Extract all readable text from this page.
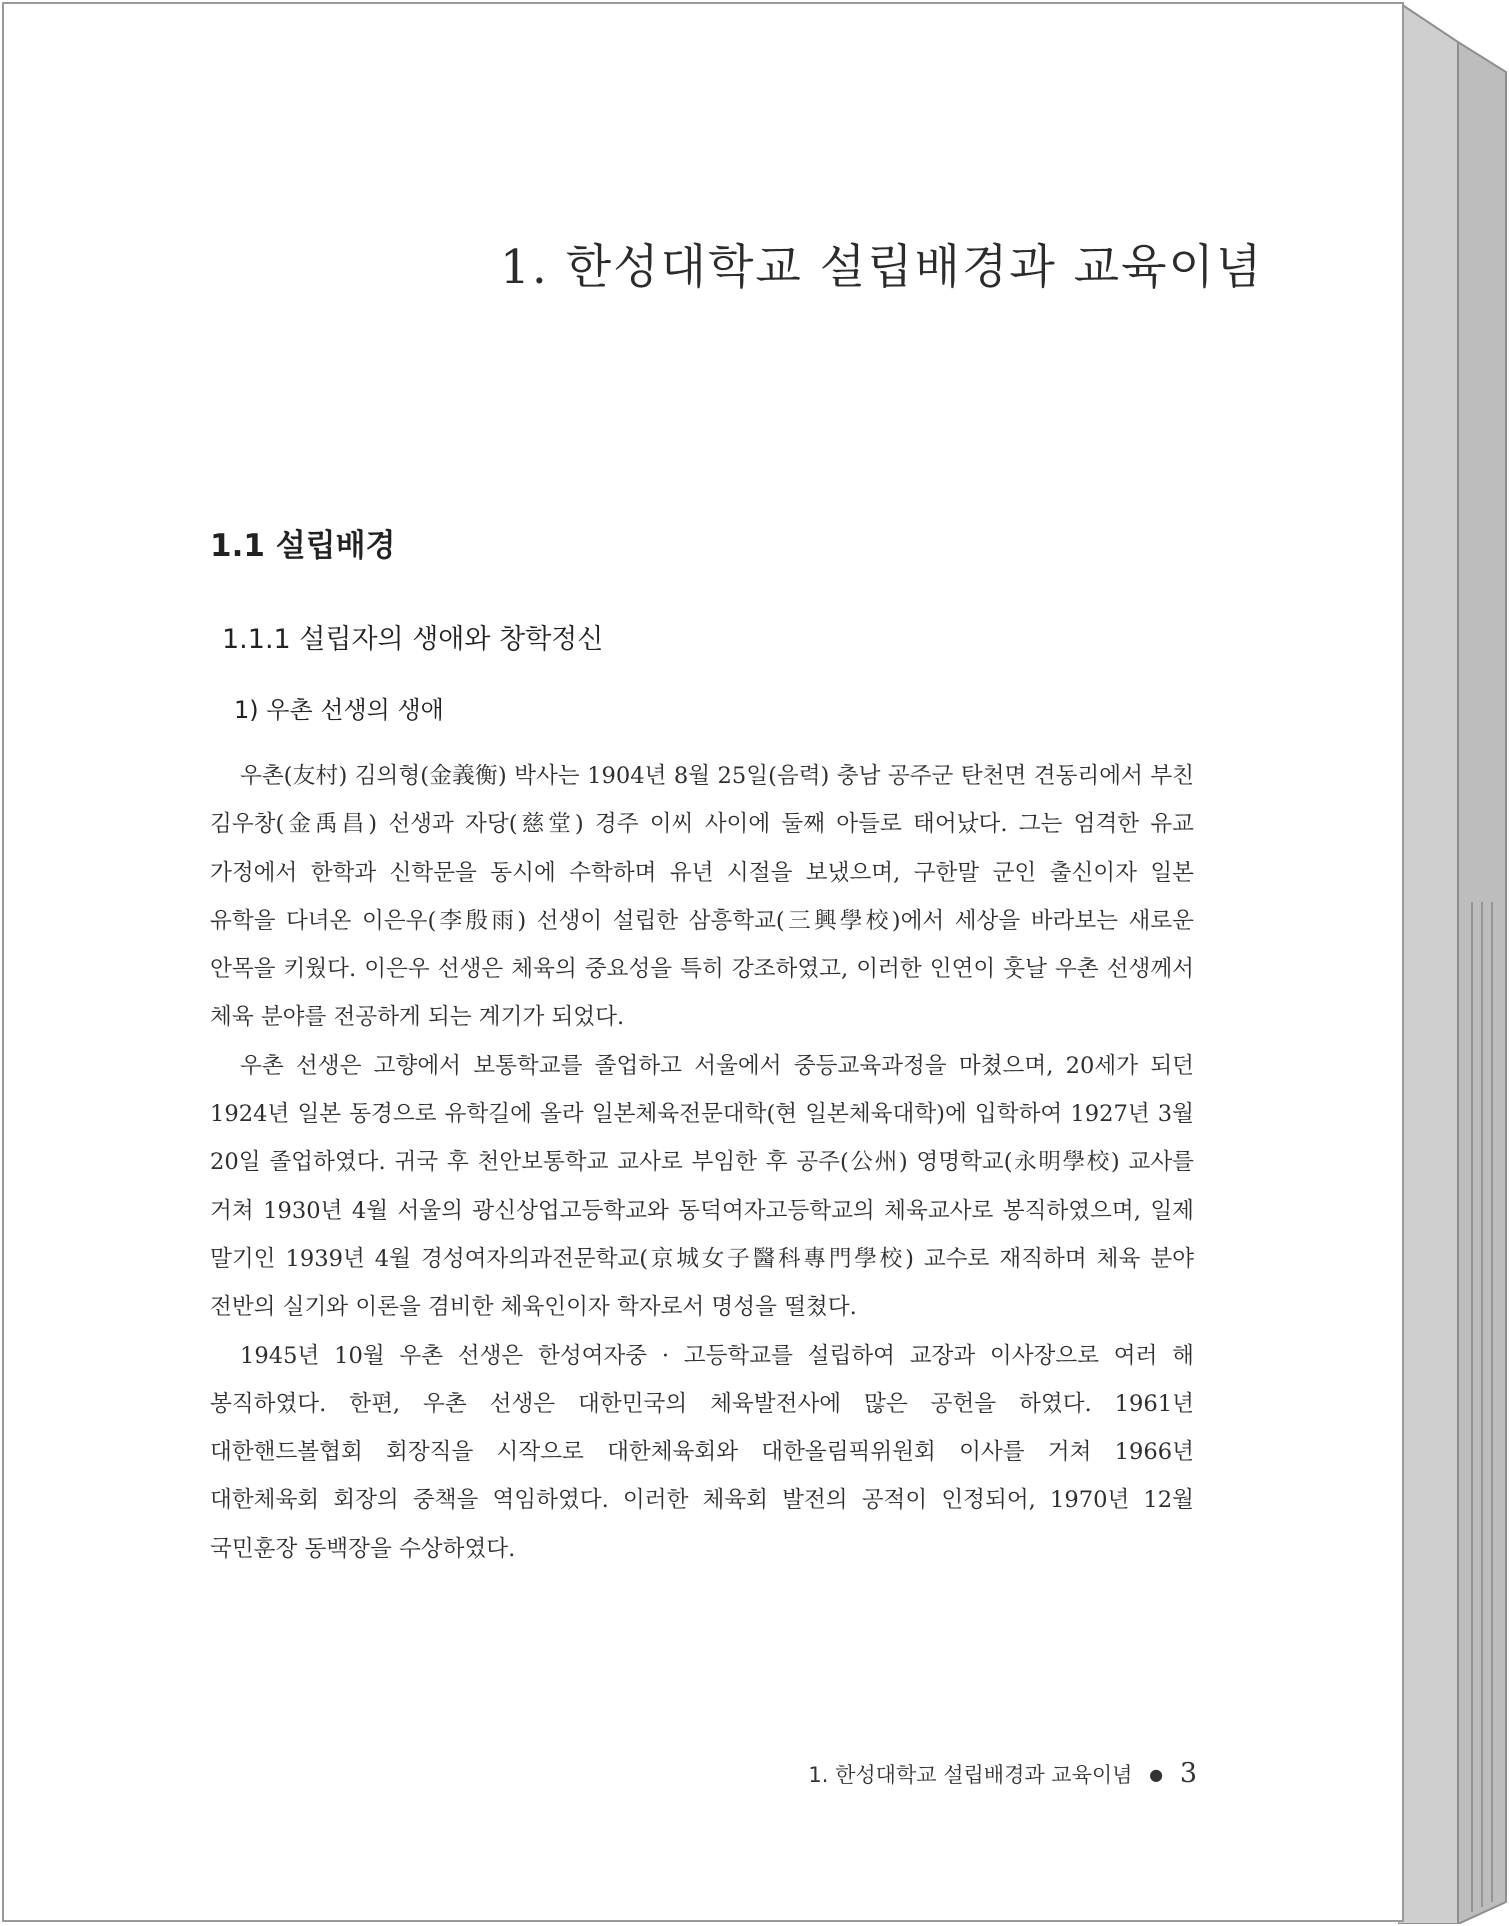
1. 한성대학교 설립배경과 교육이념
1.1 설립배경
1.1.1 설립자의 생애와 창학정신
1) 우촌 선생의 생애

우촌(友村) 김의형(金義衡) 박사는 1904년 8월 25일(음력) 충남 공주군 탄천면 견동리에서 부친 김우창(金禹昌) 선생과 자당(慈堂) 경주 이씨 사이에 둘째 아들로 태어났다. 그는 엄격한 유교 가정에서 한학과 신학문을 동시에 수학하며 유년 시절을 보냈으며, 구한말 군인 출신이자 일본 유학을 다녀온 이은우(李殷雨) 선생이 설립한 삼흥학교(三興學校)에서 세상을 바라보는 새로운 안목을 키웠다. 이은우 선생은 체육의 중요성을 특히 강조하였고, 이러한 인연이 훗날 우촌 선생께서 체육 분야를 전공하게 되는 계기가 되었다.

우촌 선생은 고향에서 보통학교를 졸업하고 서울에서 중등교육과정을 마쳤으며, 20세가 되던 1924년 일본 동경으로 유학길에 올라 일본체육전문대학(현 일본체육대학)에 입학하여 1927년 3월 20일 졸업하였다. 귀국 후 천안보통학교 교사로 부임한 후 공주(公州) 영명학교(永明學校) 교사를 거쳐 1930년 4월 서울의 광신상업고등학교와 동덕여자고등학교의 체육교사로 봉직하였으며, 일제 말기인 1939년 4월 경성여자의과전문학교(京城女子醫科專門學校) 교수로 재직하며 체육 분야 전반의 실기와 이론을 겸비한 체육인이자 학자로서 명성을 떨쳤다.

1945년 10월 우촌 선생은 한성여자중 · 고등학교를 설립하여 교장과 이사장으로 여러 해 봉직하였다. 한편, 우촌 선생은 대한민국의 체육발전사에 많은 공헌을 하였다. 1961년 대한핸드볼협회 회장직을 시작으로 대한체육회와 대한올림픽위원회 이사를 거쳐 1966년 대한체육회 회장의 중책을 역임하였다. 이러한 체육회 발전의 공적이 인정되어, 1970년 12월 국민훈장 동백장을 수상하였다.

1. 한성대학교 설립배경과 교육이념 ● 3
